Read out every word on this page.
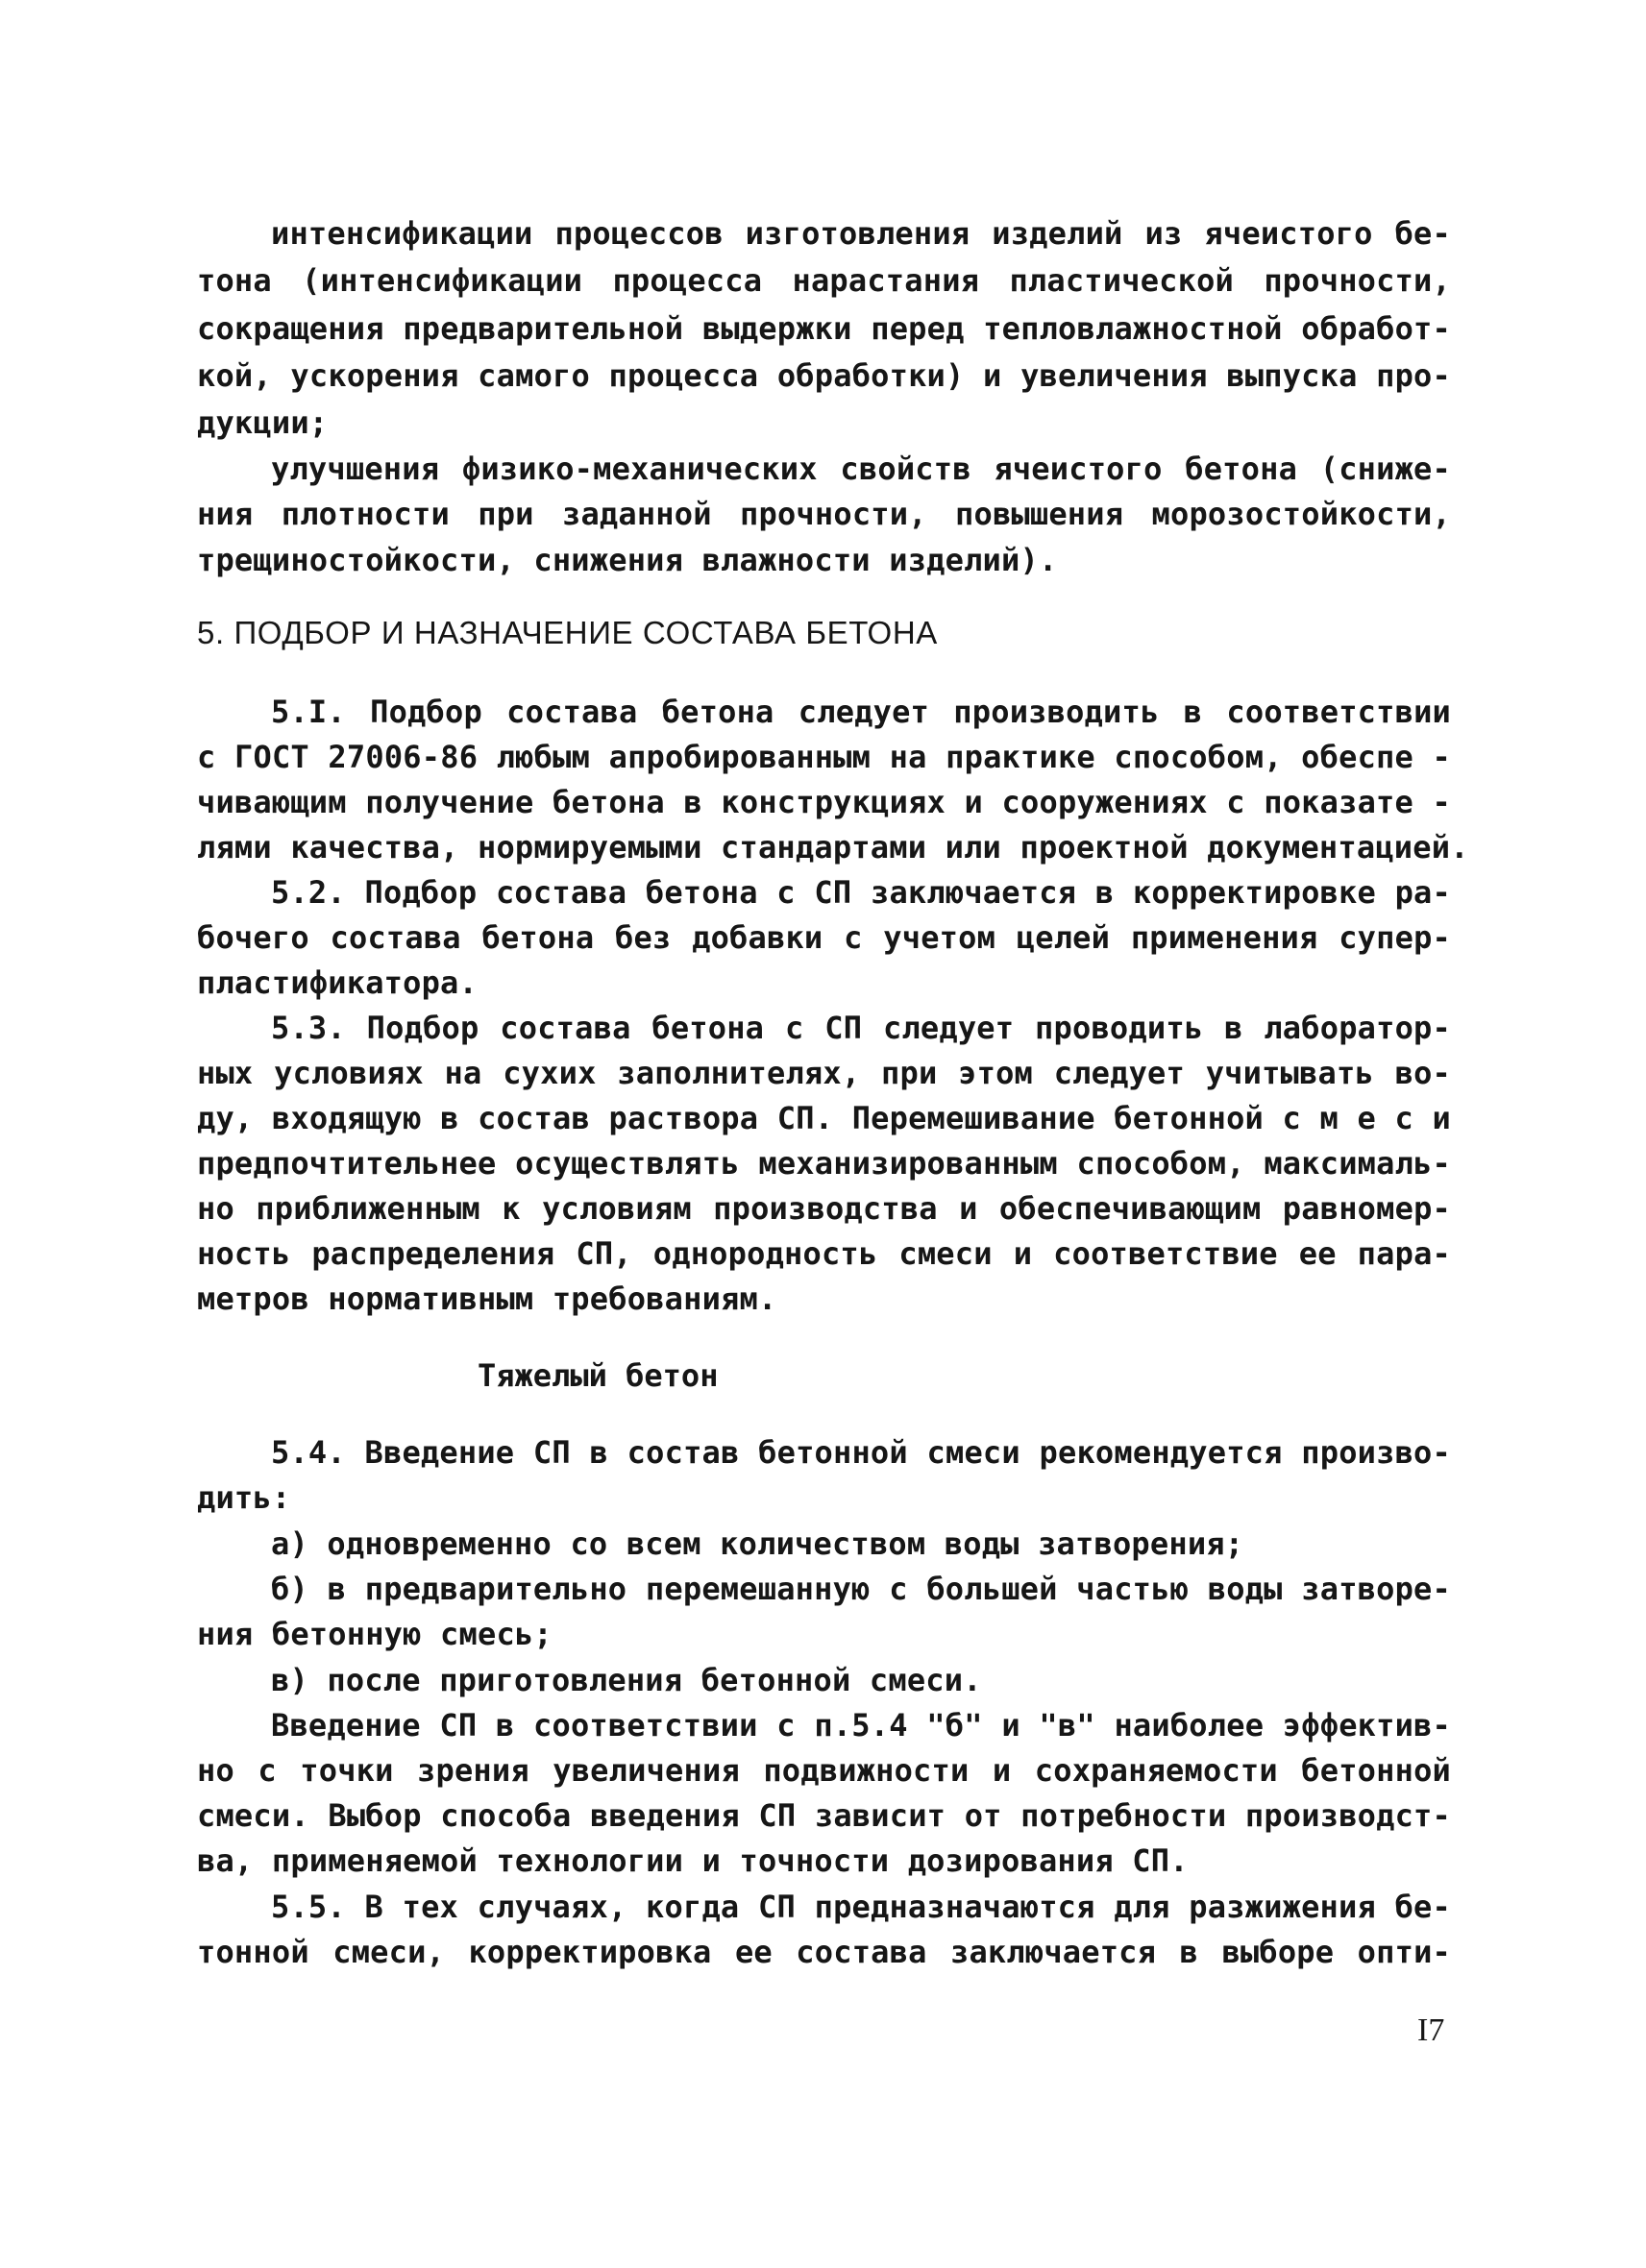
интенсификации процессов изготовления изделий из ячеистого бе-
тона (интенсификации процесса нарастания пластической прочности,
сокращения предварительной выдержки перед тепловлажностной обработ-
кой, ускорения самого процесса обработки) и увеличения выпуска про-
дукции;
улучшения физико-механических свойств ячеистого бетона (сниже-
ния плотности при заданной прочности, повышения морозостойкости,
трещиностойкости, снижения влажности изделий).
5. ПОДБОР И НАЗНАЧЕНИЕ СОСТАВА БЕТОНА
5.I. Подбор состава бетона следует производить в соответствии
с ГОСТ 27006-86 любым апробированным на практике способом, обеспе -
чивающим получение бетона в конструкциях и сооружениях с показате -
лями качества, нормируемыми стандартами или проектной документацией.
5.2. Подбор состава бетона с СП заключается в корректировке ра-
бочего состава бетона без добавки с учетом целей применения супер-
пластификатора.
5.3. Подбор состава бетона с СП следует проводить в лаборатор-
ных условиях на сухих заполнителях, при этом следует учитывать во-
ду, входящую в состав раствора СП. Перемешивание бетонной с м е с и
предпочтительнее осуществлять механизированным способом, максималь-
но приближенным к условиям производства и обеспечивающим равномер-
ность распределения СП, однородность смеси и соответствие ее пара-
метров нормативным требованиям.
Тяжелый бетон
5.4. Введение СП в состав бетонной смеси рекомендуется произво-
дить:
а) одновременно со всем количеством воды затворения;
б) в предварительно перемешанную с большей частью воды затворе-
ния бетонную смесь;
в) после приготовления бетонной смеси.
Введение СП в соответствии с п.5.4 "б" и "в" наиболее эффектив-
но с точки зрения увеличения подвижности и сохраняемости бетонной
смеси. Выбор способа введения СП зависит от потребности производст-
ва, применяемой технологии и точности дозирования СП.
5.5. В тех случаях, когда СП предназначаются для разжижения бе-
тонной смеси, корректировка ее состава заключается в выборе опти-
I7
